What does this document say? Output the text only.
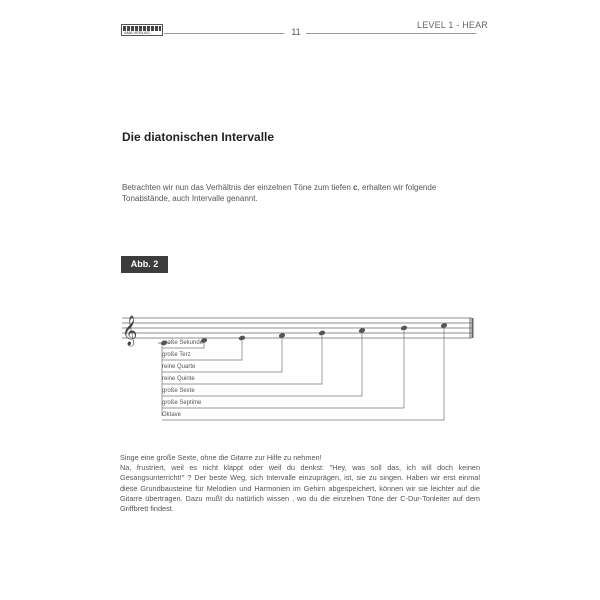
AMA VERLAG	11
LEVEL 1 - HEAR
Die diatonischen Intervalle
Betrachten wir nun das Verhältnis der einzelnen Töne zum tiefen c, erhalten wir folgende Tonabstände, auch Intervalle genannt.
Abb. 2
𝄞	große Sekunde
große Terz
reine Quarte
reine Quinte
große Sexte
große Septime
Oktave
Singe eine große Sexte, ohne die Gitarre zur Hilfe zu nehmen!
Na, frustriert, weil es nicht klappt oder weil du denkst: "Hey, was soll das, ich will doch keinen Gesangsunterricht!" ? Der beste Weg, sich Intervalle einzuprägen, ist, sie zu singen. Haben wir erst einmal diese Grundbausteine für Melodien und Harmonien im Gehirn abgespeichert, können wir sie leichter auf die Gitarre übertragen. Dazu mußt du natürlich wissen , wo du die einzelnen Töne der C-Dur-Tonleiter auf dem Griffbrett findest.
